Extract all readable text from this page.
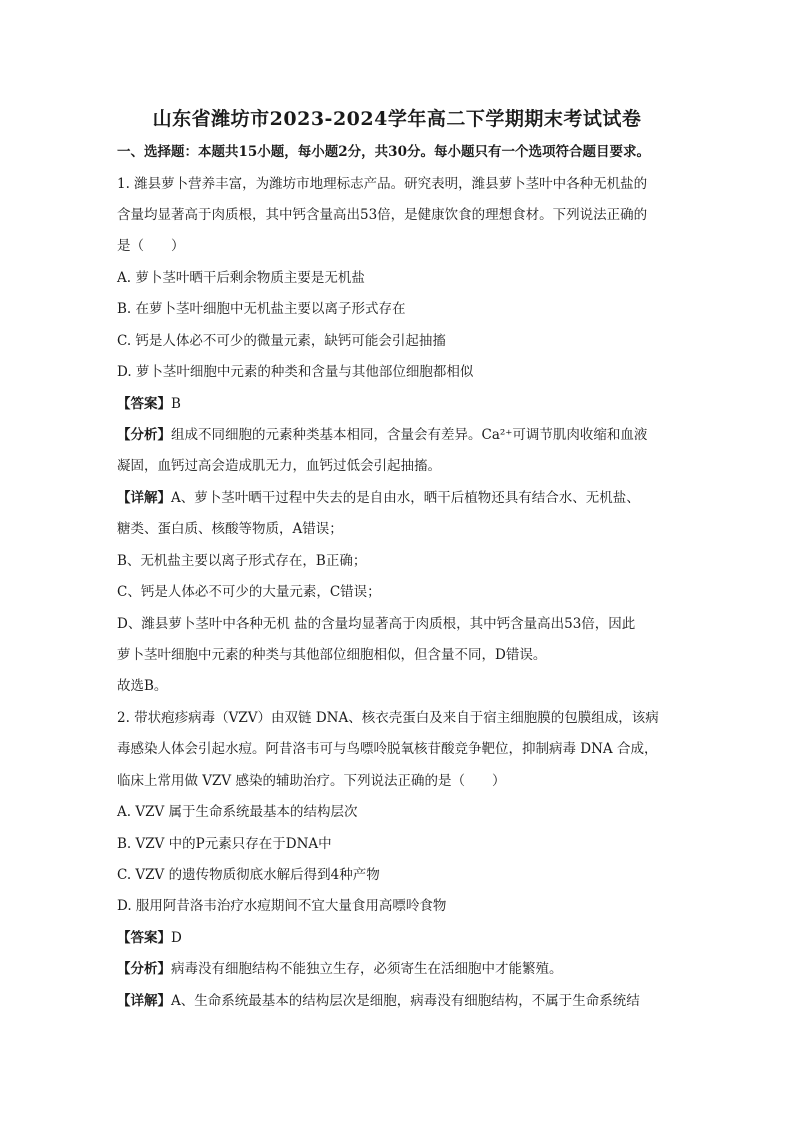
山东省潍坊市2023-2024学年高二下学期期末考试试卷
一、选择题：本题共15小题，每小题2分，共30分。每小题只有一个选项符合题目要求。
1. 潍县萝卜营养丰富，为潍坊市地理标志产品。研究表明，潍县萝卜茎叶中各种无机盐的
含量均显著高于肉质根，其中钙含量高出53倍，是健康饮食的理想食材。下列说法正确的
是（　　）
A. 萝卜茎叶晒干后剩余物质主要是无机盐
B. 在萝卜茎叶细胞中无机盐主要以离子形式存在
C. 钙是人体必不可少的微量元素，缺钙可能会引起抽搐
D. 萝卜茎叶细胞中元素的种类和含量与其他部位细胞都相似
【答案】B
【分析】组成不同细胞的元素种类基本相同，含量会有差异。Ca²⁺可调节肌肉收缩和血液
凝固，血钙过高会造成肌无力，血钙过低会引起抽搐。
【详解】A、萝卜茎叶晒干过程中失去的是自由水，晒干后植物还具有结合水、无机盐、
糖类、蛋白质、核酸等物质，A错误；
B、无机盐主要以离子形式存在，B正确；
C、钙是人体必不可少的大量元素，C错误；
D、潍县萝卜茎叶中各种无机 盐的含量均显著高于肉质根，其中钙含量高出53倍，因此
萝卜茎叶细胞中元素的种类与其他部位细胞相似，但含量不同，D错误。
故选B。
2. 带状疱疹病毒（VZV）由双链 DNA、核衣壳蛋白及来自于宿主细胞膜的包膜组成，该病
毒感染人体会引起水痘。阿昔洛韦可与鸟嘌呤脱氧核苷酸竞争靶位，抑制病毒 DNA 合成，
临床上常用做 VZV 感染的辅助治疗。下列说法正确的是（　　）
A. VZV 属于生命系统最基本的结构层次
B. VZV 中的P元素只存在于DNA中
C. VZV 的遗传物质彻底水解后得到4种产物
D. 服用阿昔洛韦治疗水痘期间不宜大量食用高嘌呤食物
【答案】D
【分析】病毒没有细胞结构不能独立生存，必须寄生在活细胞中才能繁殖。
【详解】A、生命系统最基本的结构层次是细胞，病毒没有细胞结构，不属于生命系统结
